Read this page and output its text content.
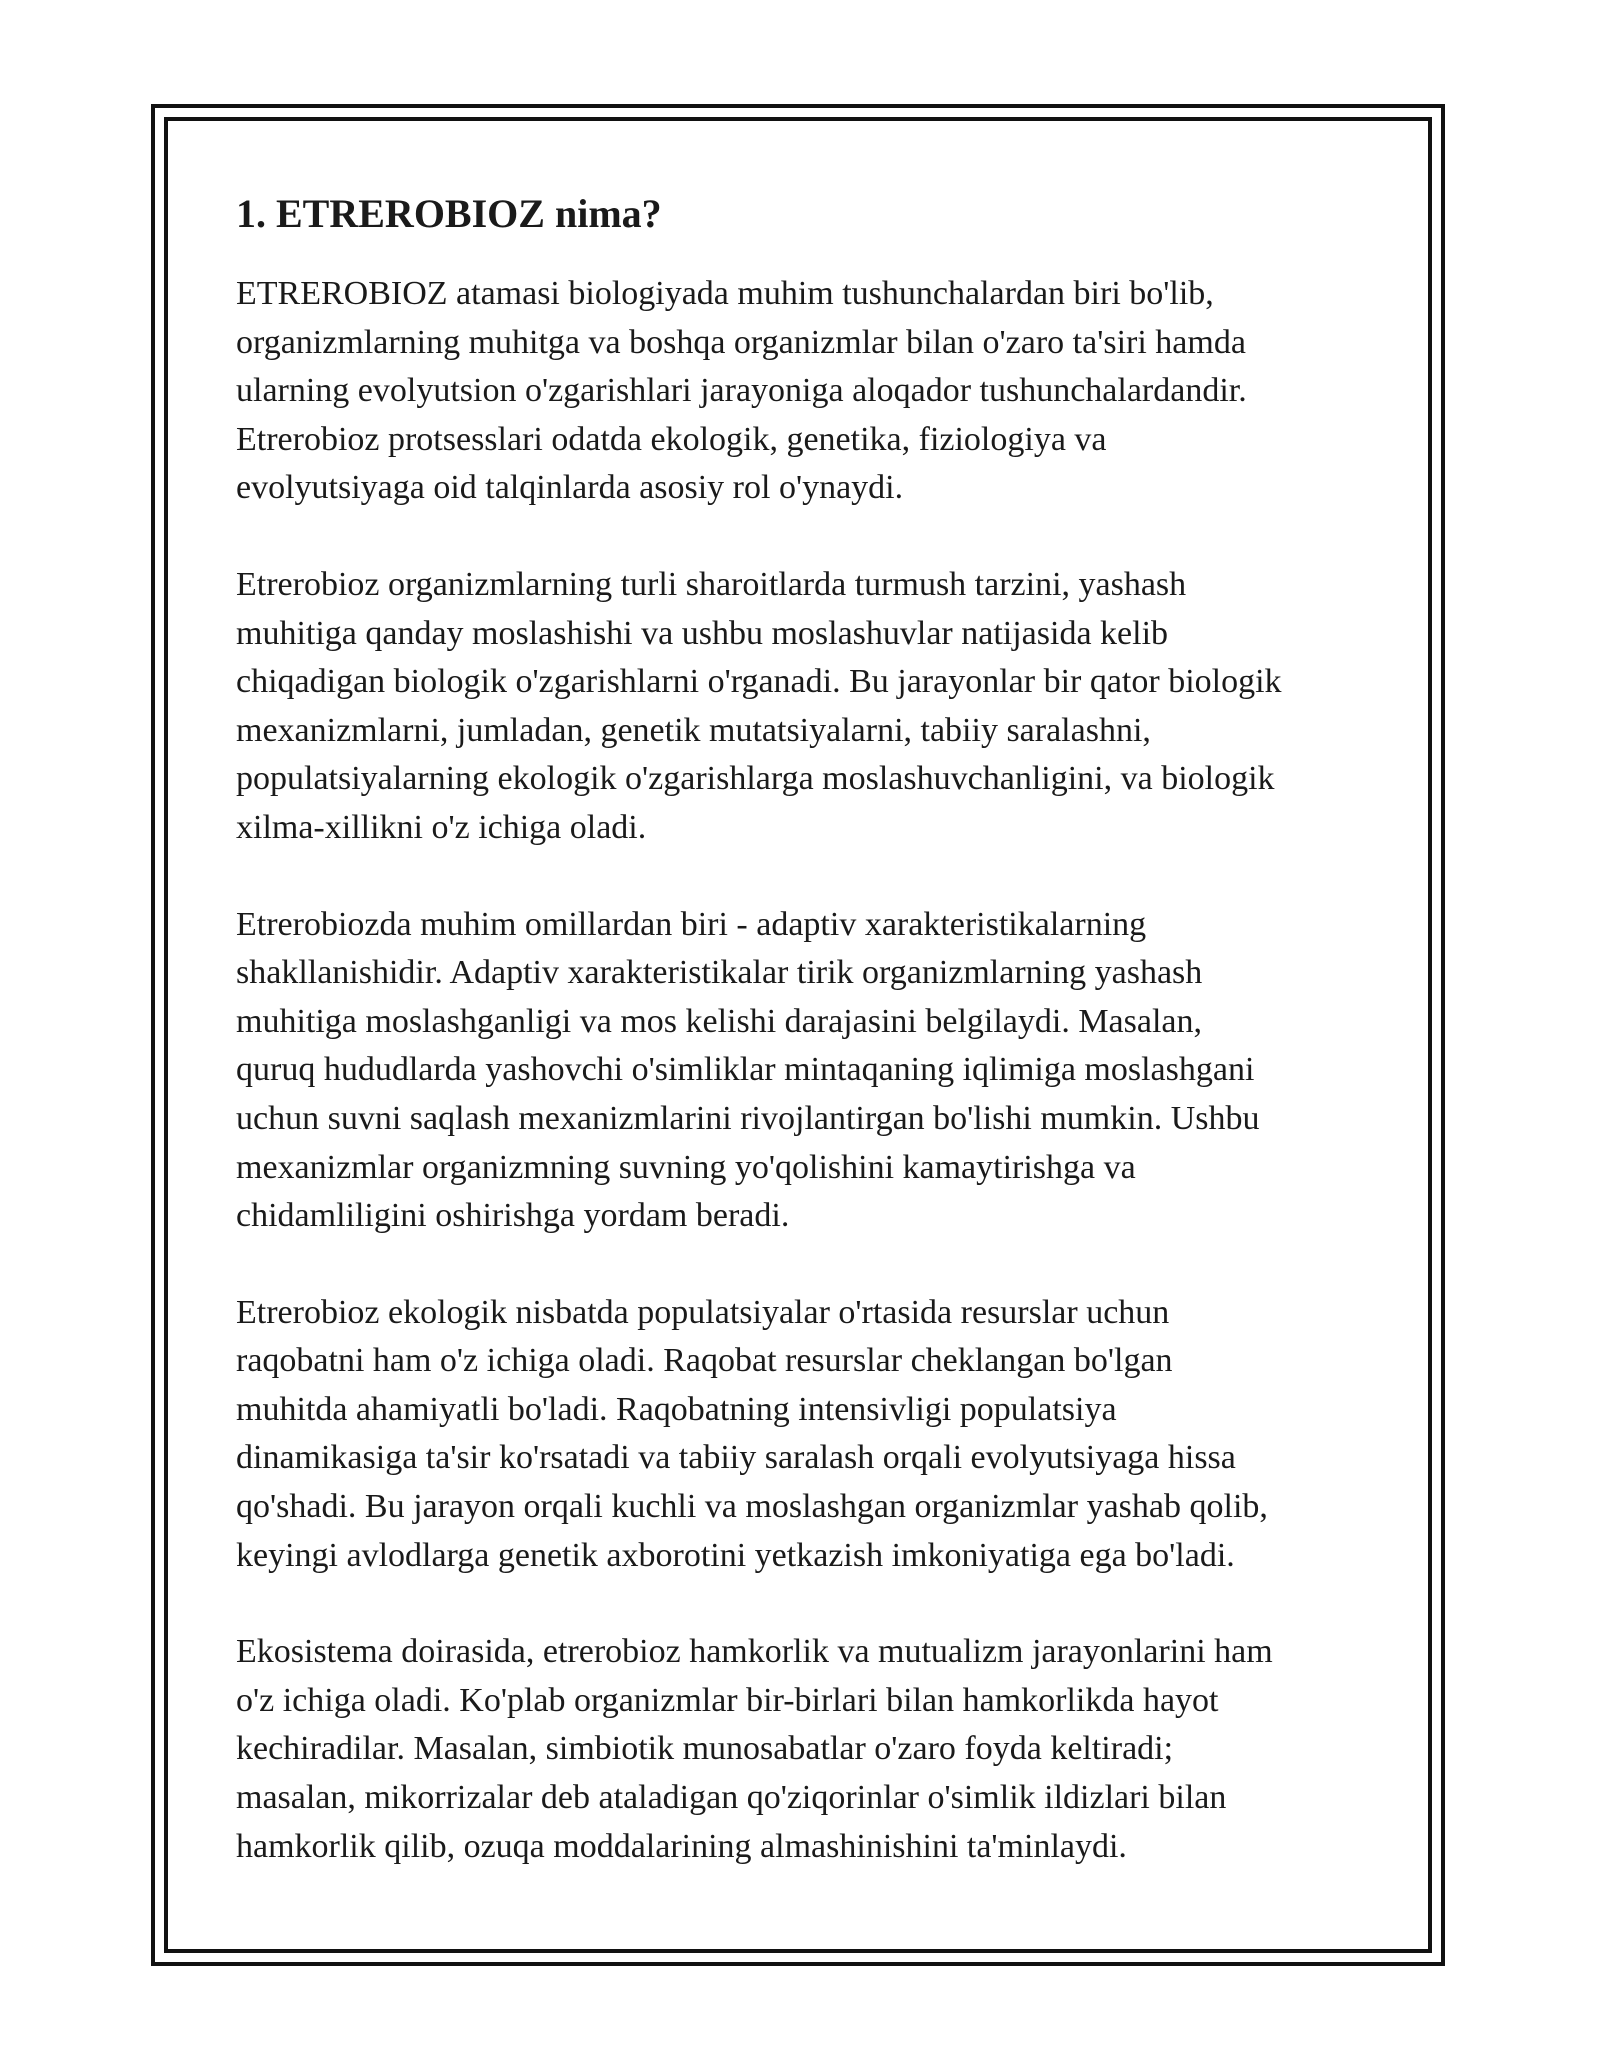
1. ETREROBIOZ nima?

ETREROBIOZ atamasi biologiyada muhim tushunchalardan biri bo'lib,
organizmlarning muhitga va boshqa organizmlar bilan o'zaro ta'siri hamda
ularning evolyutsion o'zgarishlari jarayoniga aloqador tushunchalardandir.
Etrerobioz protsesslari odatda ekologik, genetika, fiziologiya va
evolyutsiyaga oid talqinlarda asosiy rol o'ynaydi.

Etrerobioz organizmlarning turli sharoitlarda turmush tarzini, yashash
muhitiga qanday moslashishi va ushbu moslashuvlar natijasida kelib
chiqadigan biologik o'zgarishlarni o'rganadi. Bu jarayonlar bir qator biologik
mexanizmlarni, jumladan, genetik mutatsiyalarni, tabiiy saralashni,
populatsiyalarning ekologik o'zgarishlarga moslashuvchanligini, va biologik
xilma-xillikni o'z ichiga oladi.

Etrerobiozda muhim omillardan biri - adaptiv xarakteristikalarning
shakllanishidir. Adaptiv xarakteristikalar tirik organizmlarning yashash
muhitiga moslashganligi va mos kelishi darajasini belgilaydi. Masalan,
quruq hududlarda yashovchi o'simliklar mintaqaning iqlimiga moslashgani
uchun suvni saqlash mexanizmlarini rivojlantirgan bo'lishi mumkin. Ushbu
mexanizmlar organizmning suvning yo'qolishini kamaytirishga va
chidamliligini oshirishga yordam beradi.

Etrerobioz ekologik nisbatda populatsiyalar o'rtasida resurslar uchun
raqobatni ham o'z ichiga oladi. Raqobat resurslar cheklangan bo'lgan
muhitda ahamiyatli bo'ladi. Raqobatning intensivligi populatsiya
dinamikasiga ta'sir ko'rsatadi va tabiiy saralash orqali evolyutsiyaga hissa
qo'shadi. Bu jarayon orqali kuchli va moslashgan organizmlar yashab qolib,
keyingi avlodlarga genetik axborotini yetkazish imkoniyatiga ega bo'ladi.

Ekosistema doirasida, etrerobioz hamkorlik va mutualizm jarayonlarini ham
o'z ichiga oladi. Ko'plab organizmlar bir-birlari bilan hamkorlikda hayot
kechiradilar. Masalan, simbiotik munosabatlar o'zaro foyda keltiradi;
masalan, mikorrizalar deb ataladigan qo'ziqorinlar o'simlik ildizlari bilan
hamkorlik qilib, ozuqa moddalarining almashinishini ta'minlaydi.
